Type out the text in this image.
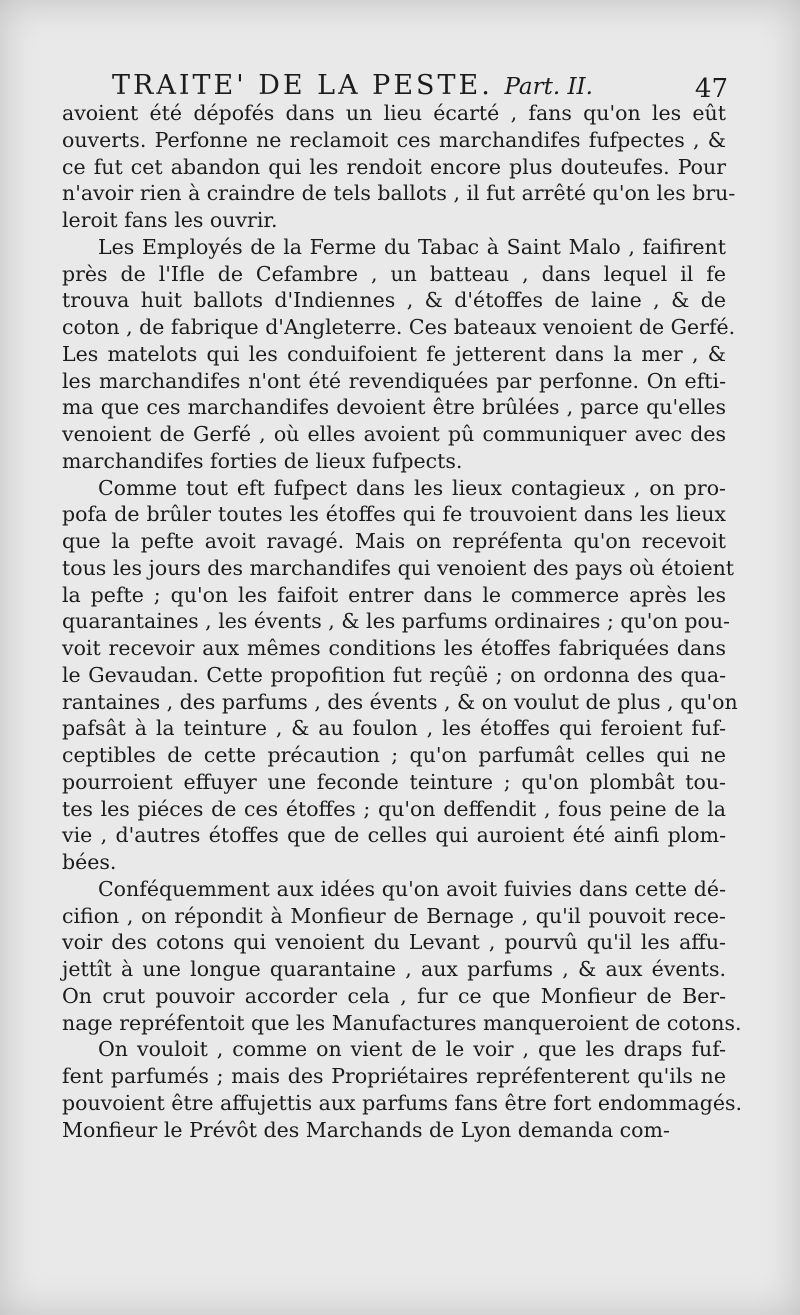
TRAITE' DE LA PESTE. Part. II.	47
avoient été dépofés dans un lieu écarté , fans qu'on les eût
ouverts. Perfonne ne reclamoit ces marchandifes fufpectes , &
ce fut cet abandon qui les rendoit encore plus douteufes. Pour
n'avoir rien à craindre de tels ballots , il fut arrêté qu'on les bru-
leroit fans les ouvrir.
Les Employés de la Ferme du Tabac à Saint Malo , faifirent
près de l'Ifle de Cefambre , un batteau , dans lequel il fe
trouva huit ballots d'Indiennes , & d'étoffes de laine , & de
coton , de fabrique d'Angleterre. Ces bateaux venoient de Gerfé.
Les matelots qui les conduifoient fe jetterent dans la mer , &
les marchandifes n'ont été revendiquées par perfonne. On efti-
ma que ces marchandifes devoient être brûlées , parce qu'elles
venoient de Gerfé , où elles avoient pû communiquer avec des
marchandifes forties de lieux fufpects.
Comme tout eft fufpect dans les lieux contagieux , on pro-
pofa de brûler toutes les étoffes qui fe trouvoient dans les lieux
que la pefte avoit ravagé. Mais on repréfenta qu'on recevoit
tous les jours des marchandifes qui venoient des pays où étoient
la pefte ; qu'on les faifoit entrer dans le commerce après les
quarantaines , les évents , & les parfums ordinaires ; qu'on pou-
voit recevoir aux mêmes conditions les étoffes fabriquées dans
le Gevaudan. Cette propofition fut reçûë ; on ordonna des qua-
rantaines , des parfums , des évents , & on voulut de plus , qu'on
pafsât à la teinture , & au foulon , les étoffes qui feroient fuf-
ceptibles de cette précaution ; qu'on parfumât celles qui ne
pourroient effuyer une feconde teinture ; qu'on plombât tou-
tes les piéces de ces étoffes ; qu'on deffendit , fous peine de la
vie , d'autres étoffes que de celles qui auroient été ainfi plom-
bées.
Conféquemment aux idées qu'on avoit fuivies dans cette dé-
cifion , on répondit à Monfieur de Bernage , qu'il pouvoit rece-
voir des cotons qui venoient du Levant , pourvû qu'il les affu-
jettît à une longue quarantaine , aux parfums , & aux évents.
On crut pouvoir accorder cela , fur ce que Monfieur de Ber-
nage repréfentoit que les Manufactures manqueroient de cotons.
On vouloit , comme on vient de le voir , que les draps fuf-
fent parfumés ; mais des Propriétaires repréfenterent qu'ils ne
pouvoient être affujettis aux parfums fans être fort endommagés.
Monfieur le Prévôt des Marchands de Lyon demanda com-
